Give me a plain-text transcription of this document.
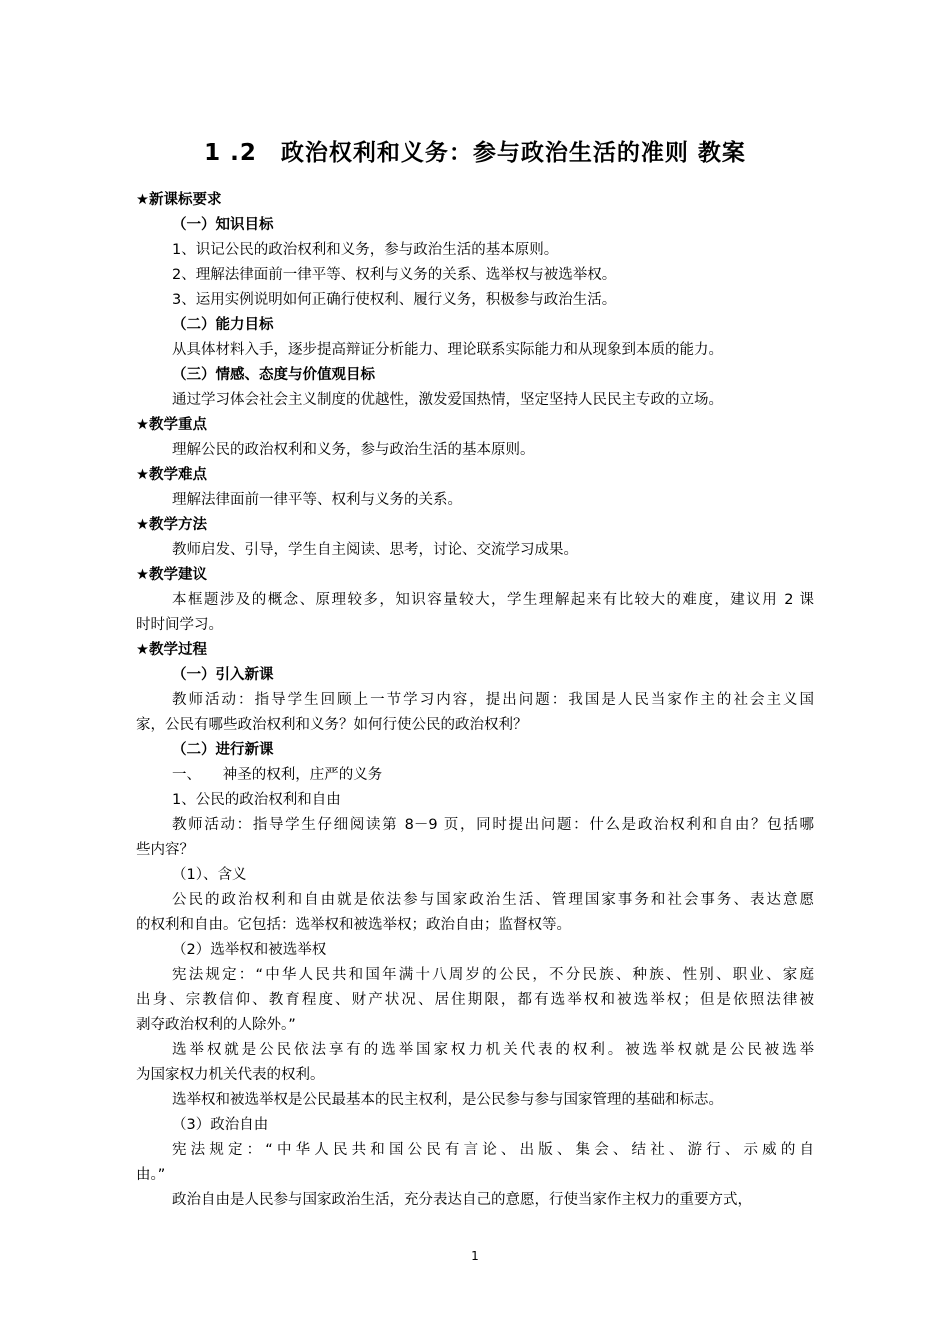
1 .2　政治权利和义务：参与政治生活的准则 教案
★新课标要求
（一）知识目标
1、识记公民的政治权利和义务，参与政治生活的基本原则。
2、理解法律面前一律平等、权利与义务的关系、选举权与被选举权。
3、运用实例说明如何正确行使权利、履行义务，积极参与政治生活。
（二）能力目标
从具体材料入手，逐步提高辩证分析能力、理论联系实际能力和从现象到本质的能力。
（三）情感、态度与价值观目标
通过学习体会社会主义制度的优越性，激发爱国热情，坚定坚持人民民主专政的立场。
★教学重点
理解公民的政治权利和义务，参与政治生活的基本原则。
★教学难点
理解法律面前一律平等、权利与义务的关系。
★教学方法
教师启发、引导，学生自主阅读、思考，讨论、交流学习成果。
★教学建议
本框题涉及的概念、原理较多，知识容量较大，学生理解起来有比较大的难度，建议用 2 课
时时间学习。
★教学过程
（一）引入新课
教师活动：指导学生回顾上一节学习内容，提出问题：我国是人民当家作主的社会主义国
家，公民有哪些政治权利和义务？如何行使公民的政治权利？
（二）进行新课
一、　　神圣的权利，庄严的义务
1、公民的政治权利和自由
教师活动：指导学生仔细阅读第 8－9 页，同时提出问题：什么是政治权利和自由？包括哪
些内容？
（1）、含义
公民的政治权利和自由就是依法参与国家政治生活、管理国家事务和社会事务、表达意愿
的权利和自由。它包括：选举权和被选举权；政治自由；监督权等。
（2）选举权和被选举权
宪法规定：“中华人民共和国年满十八周岁的公民，不分民族、种族、性别、职业、家庭
出身、宗教信仰、教育程度、财产状况、居住期限，都有选举权和被选举权；但是依照法律被
剥夺政治权利的人除外。”
选举权就是公民依法享有的选举国家权力机关代表的权利。被选举权就是公民被选举
为国家权力机关代表的权利。
选举权和被选举权是公民最基本的民主权利，是公民参与参与国家管理的基础和标志。
（3）政治自由
宪法规定：“中华人民共和国公民有言论、出版、集会、结社、游行、示威的自
由。”
政治自由是人民参与国家政治生活，充分表达自己的意愿，行使当家作主权力的重要方式，
1
